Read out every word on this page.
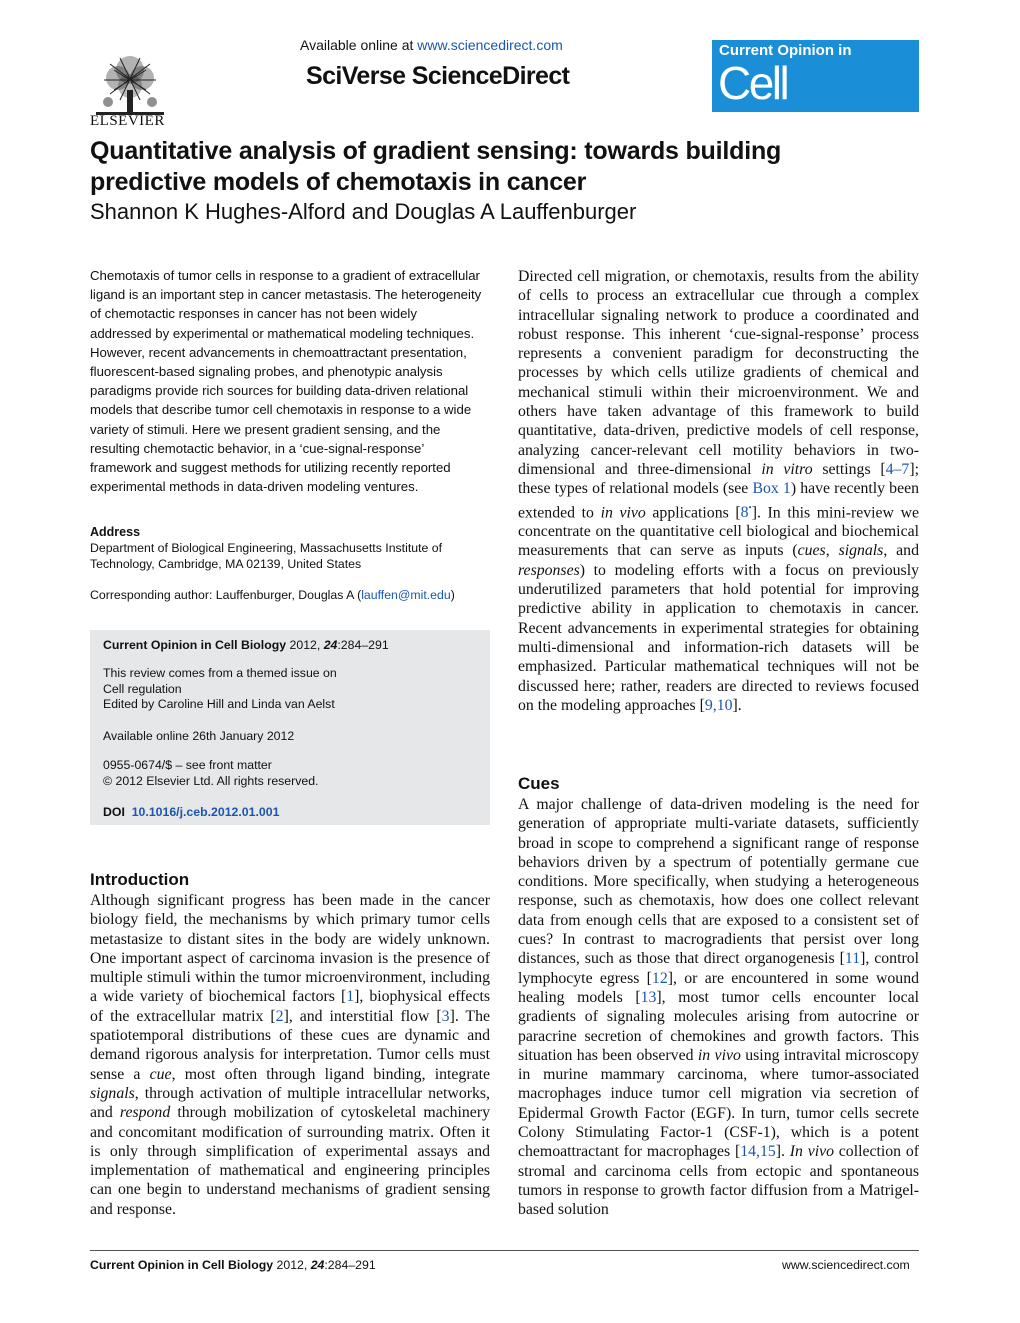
ELSEVIER
Available online at www.sciencedirect.com
SciVerse ScienceDirect
Current Opinion in
Cell Biology
Quantitative analysis of gradient sensing: towards building
predictive models of chemotaxis in cancer
Shannon K Hughes-Alford and Douglas A Lauffenburger
Chemotaxis of tumor cells in response to a gradient of extracellular ligand is an important step in cancer metastasis. The heterogeneity of chemotactic responses in cancer has not been widely addressed by experimental or mathematical modeling techniques. However, recent advancements in chemoattractant presentation, fluorescent-based signaling probes, and phenotypic analysis paradigms provide rich sources for building data-driven relational models that describe tumor cell chemotaxis in response to a wide variety of stimuli. Here we present gradient sensing, and the resulting chemotactic behavior, in a ‘cue-signal-response’ framework and suggest methods for utilizing recently reported experimental methods in data-driven modeling ventures.
Address
Department of Biological Engineering, Massachusetts Institute of
Technology, Cambridge, MA 02139, United States
Corresponding author: Lauffenburger, Douglas A (lauffen@mit.edu)
Current Opinion in Cell Biology 2012, 24:284–291
This review comes from a themed issue on
Cell regulation
Edited by Caroline Hill and Linda van Aelst
Available online 26th January 2012
0955-0674/$ – see front matter
© 2012 Elsevier Ltd. All rights reserved.
DOI 10.1016/j.ceb.2012.01.001
Introduction
Although significant progress has been made in the cancer biology field, the mechanisms by which primary tumor cells metastasize to distant sites in the body are widely unknown. One important aspect of carcinoma invasion is the presence of multiple stimuli within the tumor microenvironment, including a wide variety of biochemical factors [1], biophysical effects of the extracellular matrix [2], and interstitial flow [3]. The spatiotemporal distributions of these cues are dynamic and demand rigorous analysis for interpretation. Tumor cells must sense a cue, most often through ligand binding, integrate signals, through activation of multiple intracellular networks, and respond through mobilization of cytoskeletal machinery and concomitant modification of surrounding matrix. Often it is only through simplification of experimental assays and implementation of mathematical and engineering principles can one begin to understand mechanisms of gradient sensing and response.
Directed cell migration, or chemotaxis, results from the ability of cells to process an extracellular cue through a complex intracellular signaling network to produce a coordinated and robust response. This inherent ‘cue-signal-response’ process represents a convenient paradigm for deconstructing the processes by which cells utilize gradients of chemical and mechanical stimuli within their microenvironment. We and others have taken advantage of this framework to build quantitative, data-driven, predictive models of cell response, analyzing cancer-relevant cell motility behaviors in two-dimensional and three-dimensional in vitro settings [4–7]; these types of relational models (see Box 1) have recently been extended to in vivo applications [8•]. In this mini-review we concentrate on the quantitative cell biological and biochemical measurements that can serve as inputs (cues, signals, and responses) to modeling efforts with a focus on previously underutilized parameters that hold potential for improving predictive ability in application to chemotaxis in cancer. Recent advancements in experimental strategies for obtaining multi-dimensional and information-rich datasets will be emphasized. Particular mathematical techniques will not be discussed here; rather, readers are directed to reviews focused on the modeling approaches [9,10].
Cues
A major challenge of data-driven modeling is the need for generation of appropriate multi-variate datasets, sufficiently broad in scope to comprehend a significant range of response behaviors driven by a spectrum of potentially germane cue conditions. More specifically, when studying a heterogeneous response, such as chemotaxis, how does one collect relevant data from enough cells that are exposed to a consistent set of cues? In contrast to macrogradients that persist over long distances, such as those that direct organogenesis [11], control lymphocyte egress [12], or are encountered in some wound healing models [13], most tumor cells encounter local gradients of signaling molecules arising from autocrine or paracrine secretion of chemokines and growth factors. This situation has been observed in vivo using intravital microscopy in murine mammary carcinoma, where tumor-associated macrophages induce tumor cell migration via secretion of Epidermal Growth Factor (EGF). In turn, tumor cells secrete Colony Stimulating Factor-1 (CSF-1), which is a potent chemoattractant for macrophages [14,15]. In vivo collection of stromal and carcinoma cells from ectopic and spontaneous tumors in response to growth factor diffusion from a Matrigel-based solution
Current Opinion in Cell Biology 2012, 24:284–291	www.sciencedirect.com
